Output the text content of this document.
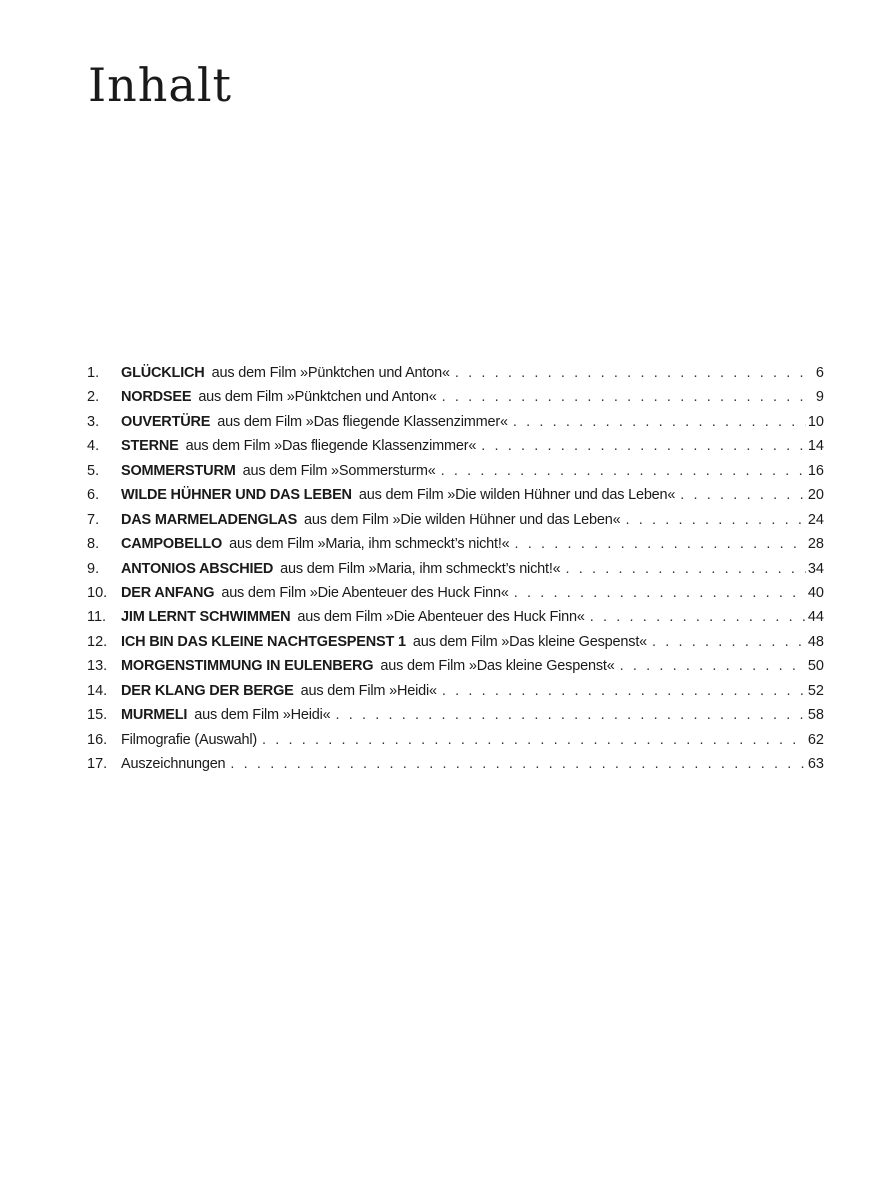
Inhalt
1.	GLÜCKLICH aus dem Film »Pünktchen und Anton« . . .	6
2.	NORDSEE aus dem Film »Pünktchen und Anton« . . .	9
3.	OUVERTÜRE aus dem Film »Das fliegende Klassenzimmer« . . .	10
4.	STERNE aus dem Film »Das fliegende Klassenzimmer« . . .	14
5.	SOMMERSTURM aus dem Film »Sommersturm« . . .	16
6.	WILDE HÜHNER UND DAS LEBEN aus dem Film »Die wilden Hühner und das Leben« . . .	20
7.	DAS MARMELADENGLAS aus dem Film »Die wilden Hühner und das Leben« . . .	24
8.	CAMPOBELLO aus dem Film »Maria, ihm schmeckt’s nicht!« . . .	28
9.	ANTONIOS ABSCHIED aus dem Film »Maria, ihm schmeckt’s nicht!« . . .	34
10. DER ANFANG aus dem Film »Die Abenteuer des Huck Finn« . . .	40
11.	JIM LERNT SCHWIMMEN aus dem Film »Die Abenteuer des Huck Finn« . . .	44
12. ICH BIN DAS KLEINE NACHTGESPENST 1 aus dem Film »Das kleine Gespenst« . . .	48
13. MORGENSTIMMUNG IN EULENBERG aus dem Film »Das kleine Gespenst« . . .	50
14. DER KLANG DER BERGE aus dem Film »Heidi« . . .	52
15. MURMELI aus dem Film »Heidi« . . .	58
16. Filmografie (Auswahl) . . .	62
17. Auszeichnungen . . .	63
